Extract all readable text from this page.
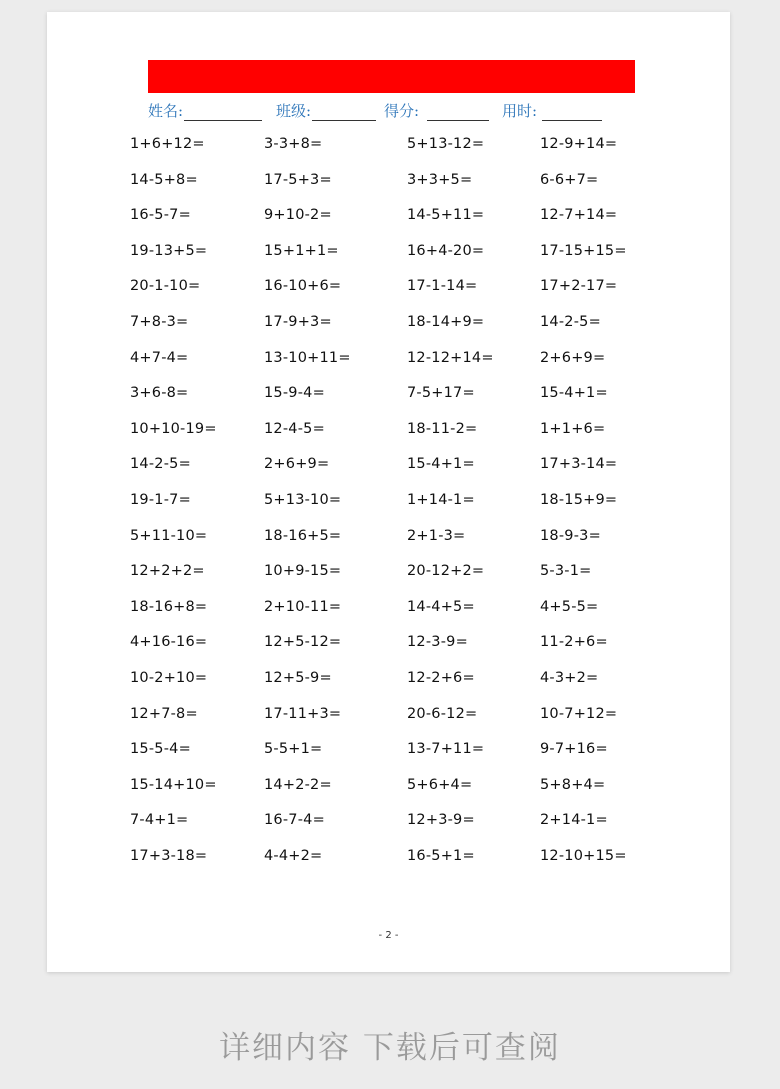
姓名:	班级:	得分:	用时:
1+6+12=	3-3+8=	5+13-12=	12-9+14=
14-5+8=	17-5+3=	3+3+5=	6-6+7=
16-5-7=	9+10-2=	14-5+11=	12-7+14=
19-13+5=	15+1+1=	16+4-20=	17-15+15=
20-1-10=	16-10+6=	17-1-14=	17+2-17=
7+8-3=	17-9+3=	18-14+9=	14-2-5=
4+7-4=	13-10+11=	12-12+14=	2+6+9=
3+6-8=	15-9-4=	7-5+17=	15-4+1=
10+10-19=	12-4-5=	18-11-2=	1+1+6=
14-2-5=	2+6+9=	15-4+1=	17+3-14=
19-1-7=	5+13-10=	1+14-1=	18-15+9=
5+11-10=	18-16+5=	2+1-3=	18-9-3=
12+2+2=	10+9-15=	20-12+2=	5-3-1=
18-16+8=	2+10-11=	14-4+5=	4+5-5=
4+16-16=	12+5-12=	12-3-9=	11-2+6=
10-2+10=	12+5-9=	12-2+6=	4-3+2=
12+7-8=	17-11+3=	20-6-12=	10-7+12=
15-5-4=	5-5+1=	13-7+11=	9-7+16=
15-14+10=	14+2-2=	5+6+4=	5+8+4=
7-4+1=	16-7-4=	12+3-9=	2+14-1=
17+3-18=	4-4+2=	16-5+1=	12-10+15=
- 2 -
详细内容 下载后可查阅
